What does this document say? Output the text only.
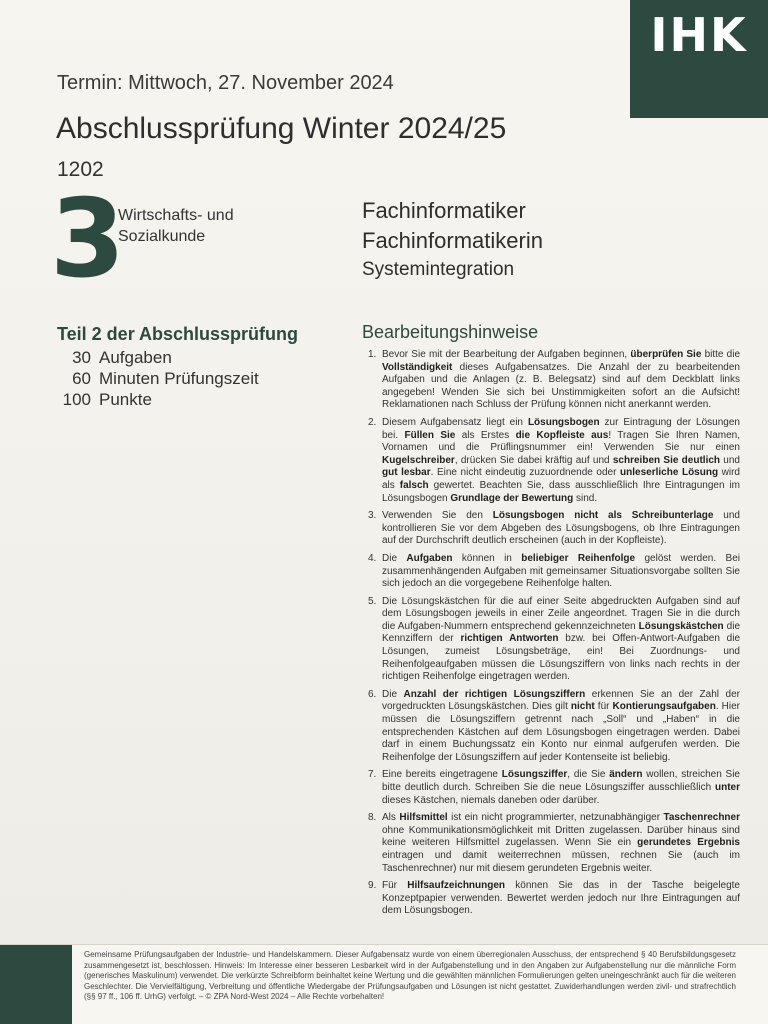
IHK
Termin: Mittwoch, 27. November 2024
Abschlussprüfung Winter 2024/25
1202
3
Wirtschafts- und
Sozialkunde
Fachinformatiker
Fachinformatikerin
Systemintegration
Teil 2 der Abschlussprüfung
30 Aufgaben
60 Minuten Prüfungszeit
100 Punkte
Bearbeitungshinweise
1. Bevor Sie mit der Bearbeitung der Aufgaben beginnen, überprüfen Sie bitte die Vollständigkeit dieses Aufgabensatzes. Die Anzahl der zu bearbeitenden Aufgaben und die Anlagen (z. B. Belegsatz) sind auf dem Deckblatt links angegeben! Wenden Sie sich bei Unstimmigkeiten sofort an die Aufsicht! Reklamationen nach Schluss der Prüfung können nicht anerkannt werden.
2. Diesem Aufgabensatz liegt ein Lösungsbogen zur Eintragung der Lösungen bei. Füllen Sie als Erstes die Kopfleiste aus! Tragen Sie Ihren Namen, Vornamen und die Prüflingsnummer ein! Verwenden Sie nur einen Kugelschreiber, drücken Sie dabei kräftig auf und schreiben Sie deutlich und gut lesbar. Eine nicht eindeutig zuzuordnende oder unleserliche Lösung wird als falsch gewertet. Beachten Sie, dass ausschließlich Ihre Eintragungen im Lösungsbogen Grundlage der Bewertung sind.
3. Verwenden Sie den Lösungsbogen nicht als Schreibunterlage und kontrollieren Sie vor dem Abgeben des Lösungsbogens, ob Ihre Eintragungen auf der Durchschrift deutlich erscheinen (auch in der Kopfleiste).
4. Die Aufgaben können in beliebiger Reihenfolge gelöst werden. Bei zusammenhängenden Aufgaben mit gemeinsamer Situationsvorgabe sollten Sie sich jedoch an die vorgegebene Reihenfolge halten.
5. Die Lösungskästchen für die auf einer Seite abgedruckten Aufgaben sind auf dem Lösungsbogen jeweils in einer Zeile angeordnet. Tragen Sie in die durch die Aufgaben-Nummern entsprechend gekennzeichneten Lösungskästchen die Kennziffern der richtigen Antworten bzw. bei Offen-Antwort-Aufgaben die Lösungen, zumeist Lösungsbeträge, ein! Bei Zuordnungs- und Reihenfolgeaufgaben müssen die Lösungsziffern von links nach rechts in der richtigen Reihenfolge eingetragen werden.
6. Die Anzahl der richtigen Lösungsziffern erkennen Sie an der Zahl der vorgedruckten Lösungskästchen. Dies gilt nicht für Kontierungsaufgaben. Hier müssen die Lösungsziffern getrennt nach „Soll“ und „Haben“ in die entsprechenden Kästchen auf dem Lösungsbogen eingetragen werden. Dabei darf in einem Buchungssatz ein Konto nur einmal aufgerufen werden. Die Reihenfolge der Lösungsziffern auf jeder Kontenseite ist beliebig.
7. Eine bereits eingetragene Lösungsziffer, die Sie ändern wollen, streichen Sie bitte deutlich durch. Schreiben Sie die neue Lösungsziffer ausschließlich unter dieses Kästchen, niemals daneben oder darüber.
8. Als Hilfsmittel ist ein nicht programmierter, netzunabhängiger Taschenrechner ohne Kommunikationsmöglichkeit mit Dritten zugelassen. Darüber hinaus sind keine weiteren Hilfsmittel zugelassen. Wenn Sie ein gerundetes Ergebnis eintragen und damit weiterrechnen müssen, rechnen Sie (auch im Taschenrechner) nur mit diesem gerundeten Ergebnis weiter.
9. Für Hilfsaufzeichnungen können Sie das in der Tasche beigelegte Konzeptpapier verwenden. Bewertet werden jedoch nur Ihre Eintragungen auf dem Lösungsbogen.
Gemeinsame Prüfungsaufgaben der Industrie- und Handelskammern. Dieser Aufgabensatz wurde von einem überregionalen Ausschuss, der entsprechend § 40 Berufsbildungsgesetz zusammengesetzt ist, beschlossen. Hinweis: Im Interesse einer besseren Lesbarkeit wird in der Aufgabenstellung und in den Angaben zur Aufgabenstellung nur die männliche Form (generisches Maskulinum) verwendet. Die verkürzte Schreibform beinhaltet keine Wertung und die gewählten männlichen Formulierungen gelten uneingeschränkt auch für die weiteren Geschlechter. Die Vervielfältigung, Verbreitung und öffentliche Wiedergabe der Prüfungsaufgaben und Lösungen ist nicht gestattet. Zuwiderhandlungen werden zivil- und strafrechtlich (§§ 97 ff., 106 ff. UrhG) verfolgt. – © ZPA Nord-West 2024 – Alle Rechte vorbehalten!
